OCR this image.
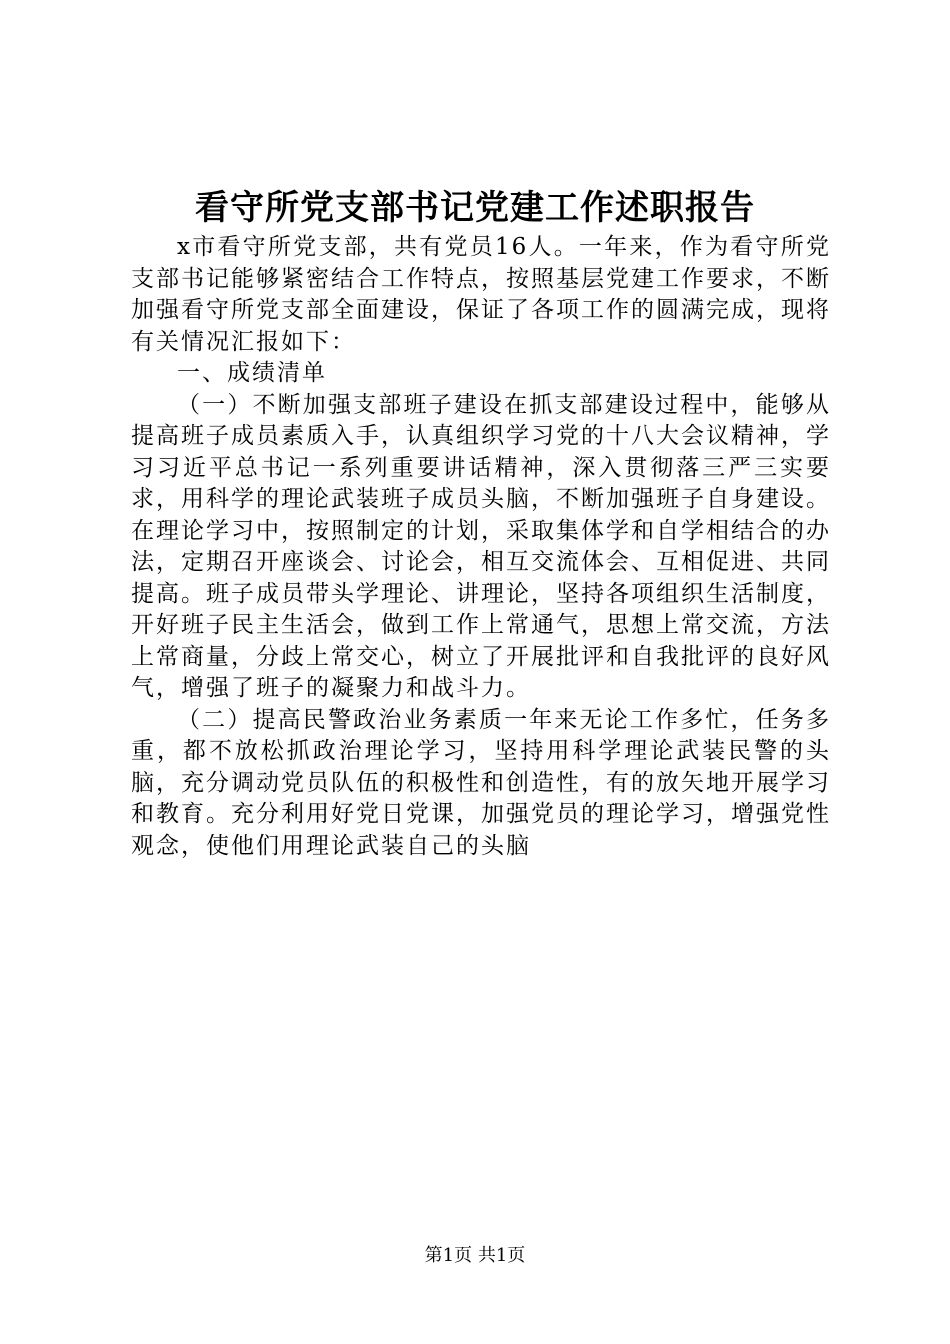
看守所党支部书记党建工作述职报告

x市看守所党支部，共有党员16人。一年来，作为看守所党支部书记能够紧密结合工作特点，按照基层党建工作要求，不断加强看守所党支部全面建设，保证了各项工作的圆满完成，现将有关情况汇报如下：

一、成绩清单

（一）不断加强支部班子建设在抓支部建设过程中，能够从提高班子成员素质入手，认真组织学习党的十八大会议精神，学习习近平总书记一系列重要讲话精神，深入贯彻落三严三实要求，用科学的理论武装班子成员头脑，不断加强班子自身建设。在理论学习中，按照制定的计划，采取集体学和自学相结合的办法，定期召开座谈会、讨论会，相互交流体会、互相促进、共同提高。班子成员带头学理论、讲理论，坚持各项组织生活制度，开好班子民主生活会，做到工作上常通气，思想上常交流，方法上常商量，分歧上常交心，树立了开展批评和自我批评的良好风气，增强了班子的凝聚力和战斗力。

（二）提高民警政治业务素质一年来无论工作多忙，任务多重，都不放松抓政治理论学习，坚持用科学理论武装民警的头脑，充分调动党员队伍的积极性和创造性，有的放矢地开展学习和教育。充分利用好党日党课，加强党员的理论学习，增强党性观念，使他们用理论武装自己的头脑

第1页 共1页
